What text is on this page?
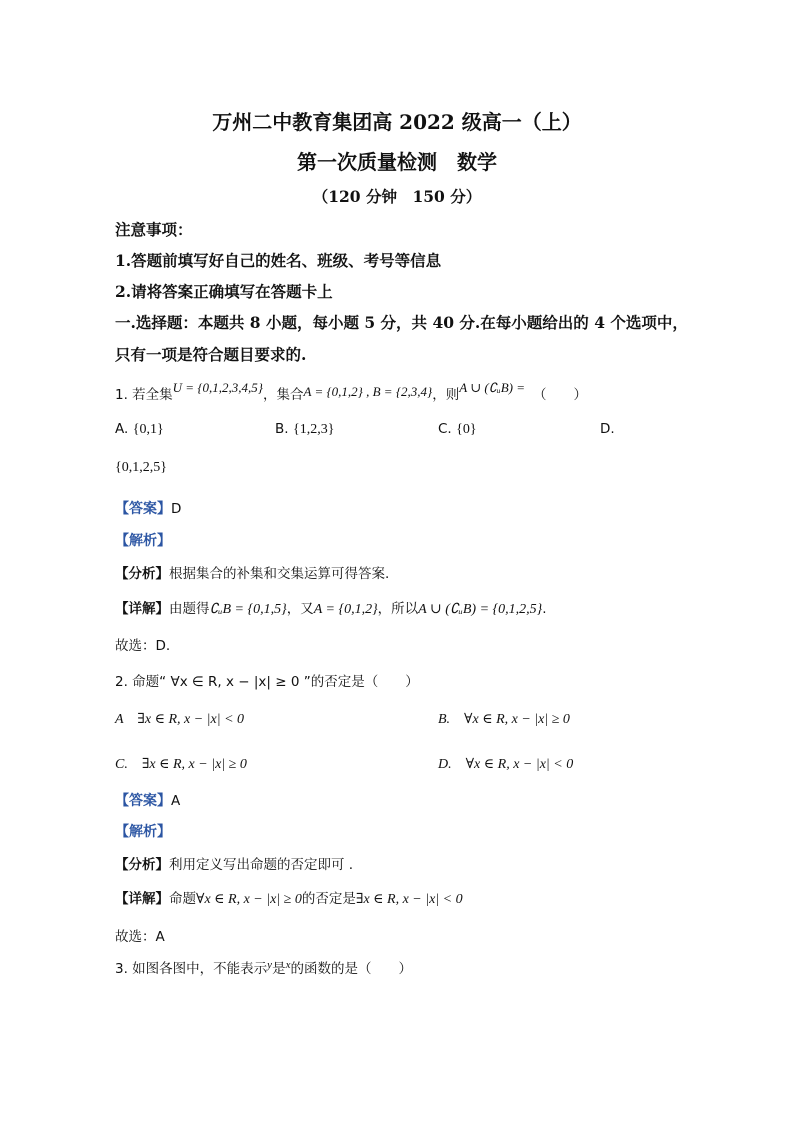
万州二中教育集团高 2022 级高一（上）
第一次质量检测　数学
（120 分钟　150 分）
注意事项：
1.答题前填写好自己的姓名、班级、考号等信息
2.请将答案正确填写在答题卡上
一.选择题：本题共 8 小题，每小题 5 分，共 40 分.在每小题给出的 4 个选项中，
只有一项是符合题目要求的.
1. 若全集$^{U = \{0,1,2,3,4,5\}}$，集合A = {0,1,2} , B = {2,3,4}，则$^{A \cup (∁ᵤB) =}$ （　　）
A. {0,1}	B. {1,2,3}	C. {0}	D.
{0,1,2,5}
【答案】D
【解析】
【分析】根据集合的补集和交集运算可得答案.
【详解】由题得∁ᵤB = {0,1,5}，又A = {0,1,2}，所以A ∪ (∁ᵤB) = {0,1,2,5}.
故选：D.
2. 命题“ ∀x ∈ R, x − |x| ≥ 0 ”的否定是（　　）
A　∃x ∈ R, x − |x| < 0	B.　∀x ∈ R, x − |x| ≥ 0
C.　∃x ∈ R, x − |x| ≥ 0	D.　∀x ∈ R, x − |x| < 0
【答案】A
【解析】
【分析】利用定义写出命题的否定即可 .
【详解】命题∀x ∈ R, x − |x| ≥ 0的否定是∃x ∈ R, x − |x| < 0
故选：A
3. 如图各图中，不能表示$^y$是$^x$的函数的是（　　）
